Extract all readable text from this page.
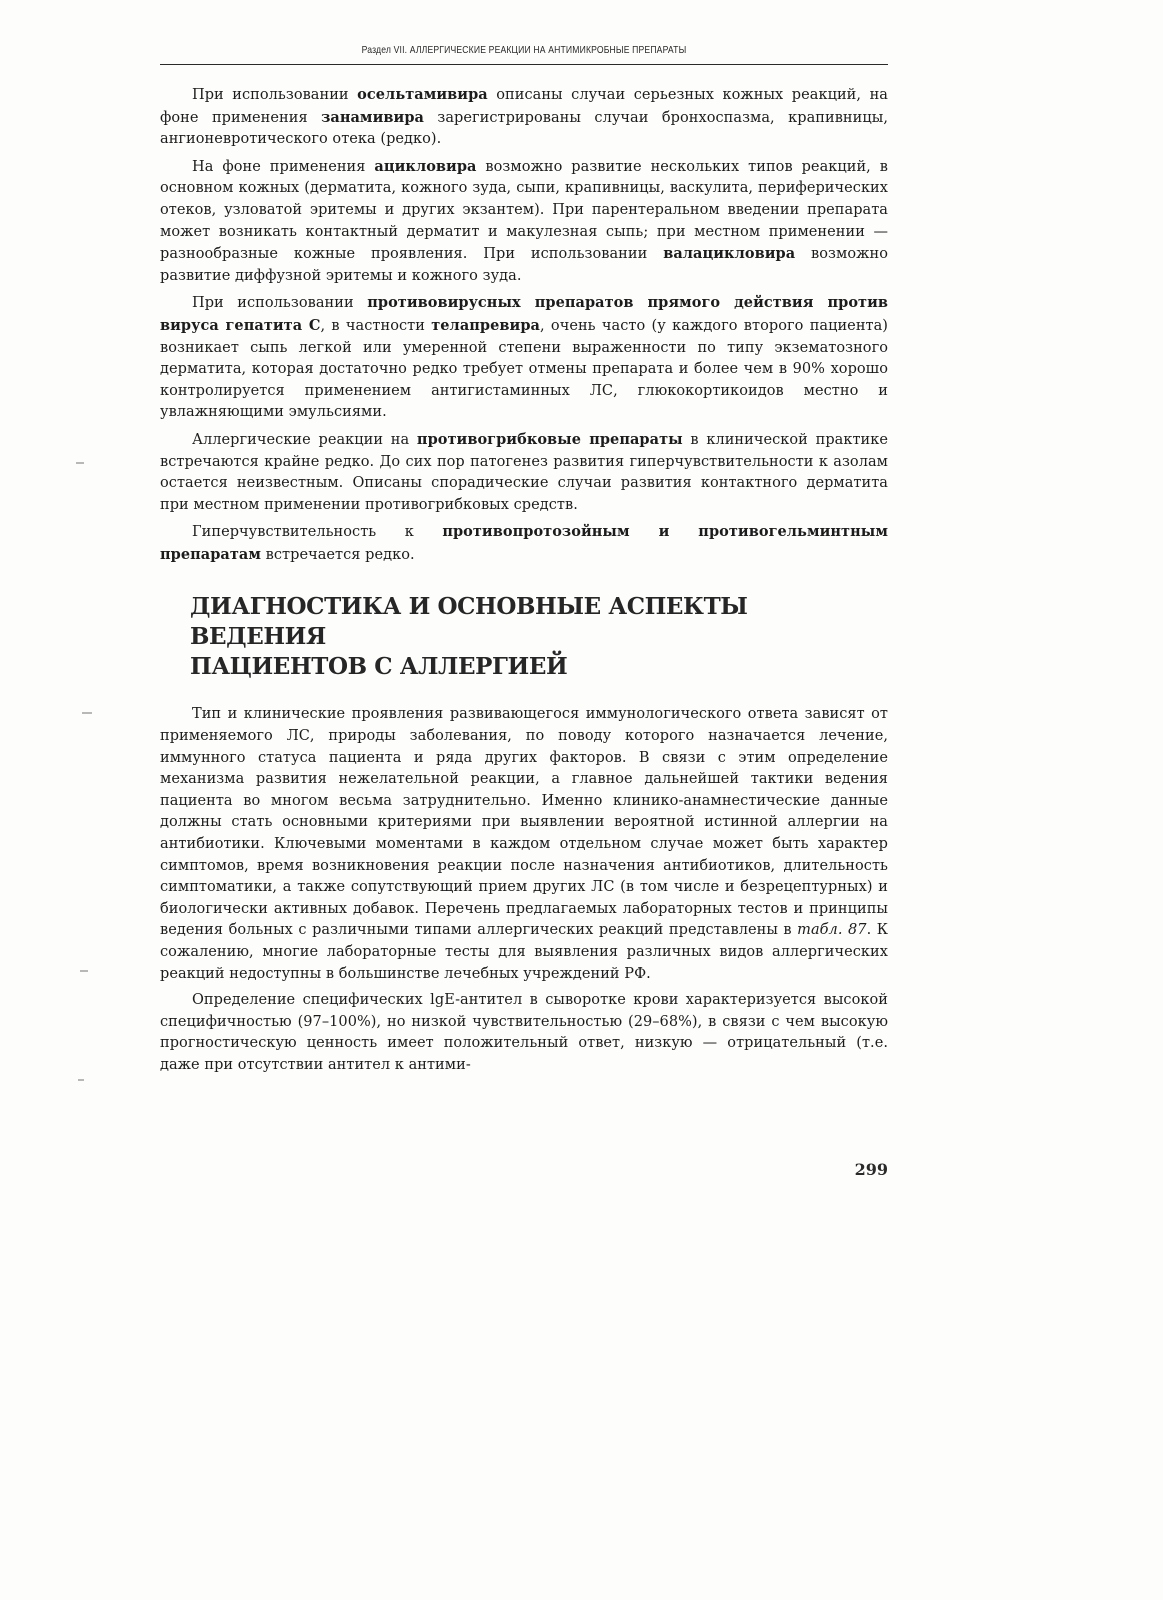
Раздел VII. АЛЛЕРГИЧЕСКИЕ РЕАКЦИИ НА АНТИМИКРОБНЫЕ ПРЕПАРАТЫ

При использовании осельтамивира описаны случаи серьезных кожных реакций, на фоне применения занамивира зарегистрированы случаи бронхоспазма, крапивницы, ангионевротического отека (редко).

На фоне применения ацикловира возможно развитие нескольких типов реакций, в основном кожных (дерматита, кожного зуда, сыпи, крапивницы, васкулита, периферических отеков, узловатой эритемы и других экзантем). При парентеральном введении препарата может возникать контактный дерматит и макулезная сыпь; при местном применении — разнообразные кожные проявления. При использовании валацикловира возможно развитие диффузной эритемы и кожного зуда.

При использовании противовирусных препаратов прямого действия против вируса гепатита С, в частности телапревира, очень часто (у каждого второго пациента) возникает сыпь легкой или умеренной степени выраженности по типу экзематозного дерматита, которая достаточно редко требует отмены препарата и более чем в 90% хорошо контролируется применением антигистаминных ЛС, глюкокортикоидов местно и увлажняющими эмульсиями.

Аллергические реакции на противогрибковые препараты в клинической практике встречаются крайне редко. До сих пор патогенез развития гиперчувствительности к азолам остается неизвестным. Описаны спорадические случаи развития контактного дерматита при местном применении противогрибковых средств.

Гиперчувствительность к противопротозойным и противогельминтным препаратам встречается редко.

ДИАГНОСТИКА И ОСНОВНЫЕ АСПЕКТЫ ВЕДЕНИЯ
ПАЦИЕНТОВ С АЛЛЕРГИЕЙ

Тип и клинические проявления развивающегося иммунологического ответа зависят от применяемого ЛС, природы заболевания, по поводу которого назначается лечение, иммунного статуса пациента и ряда других факторов. В связи с этим определение механизма развития нежелательной реакции, а главное дальнейшей тактики ведения пациента во многом весьма затруднительно. Именно клинико-анамнестические данные должны стать основными критериями при выявлении вероятной истинной аллергии на антибиотики. Ключевыми моментами в каждом отдельном случае может быть характер симптомов, время возникновения реакции после назначения антибиотиков, длительность симптоматики, а также сопутствующий прием других ЛС (в том числе и безрецептурных) и биологически активных добавок. Перечень предлагаемых лабораторных тестов и принципы ведения больных с различными типами аллергических реакций представлены в табл. 87. К сожалению, многие лабораторные тесты для выявления различных видов аллергических реакций недоступны в большинстве лечебных учреждений РФ.

Определение специфических lgE-антител в сыворотке крови характеризуется высокой специфичностью (97–100%), но низкой чувствительностью (29–68%), в связи с чем высокую прогностическую ценность имеет положительный ответ, низкую — отрицательный (т.е. даже при отсутствии антител к антими-

299
